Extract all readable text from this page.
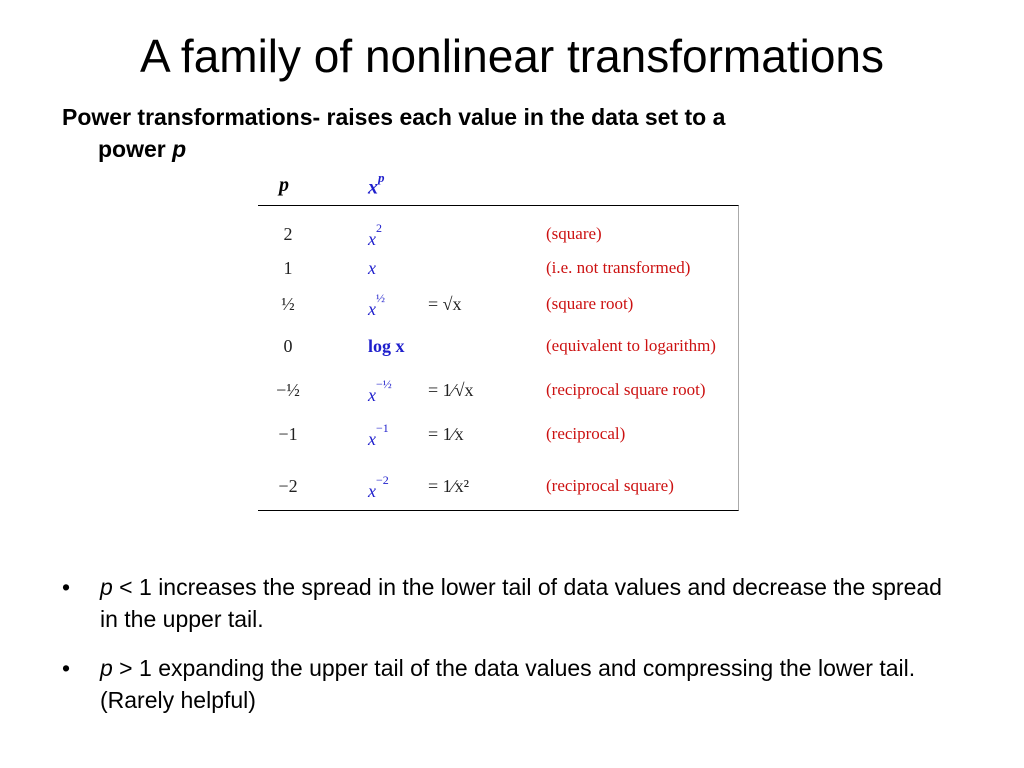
A family of nonlinear transformations
Power transformations- raises each value in the data set to a
power p
p	$x^p$
2	$x^2$	(square)
1	x	(i.e. not transformed)
½	$x^{\frac{1}{2}} = √x$	(square root)
0	log x	(equivalent to logarithm)
−½	$x^{-\frac{1}{2}}$ = 1⁄√x	(reciprocal square root)
−1	$x^{-1}$ = 1⁄x	(reciprocal)
−2	$x^{-2}$ = 1⁄x²	(reciprocal square)
•	p < 1 increases the spread in the lower tail of data values and decrease the spread in the upper tail.
•	p > 1 expanding the upper tail of the data values and compressing the lower tail. (Rarely helpful)
